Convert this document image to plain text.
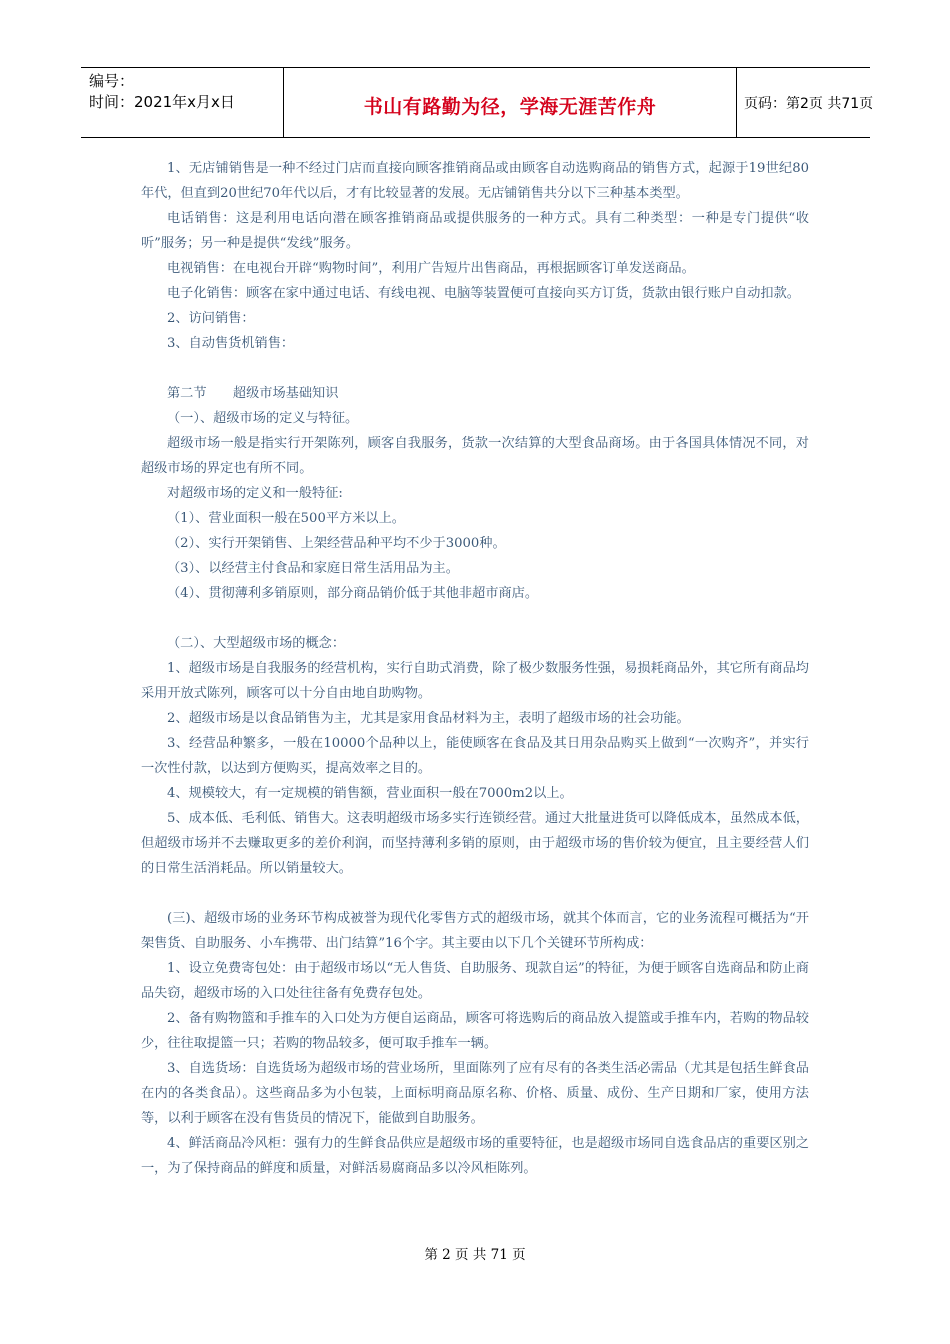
编号：
时间：2021年x月x日	书山有路勤为径，学海无涯苦作舟	页码：第2页 共71页

1、无店铺销售是一种不经过门店而直接向顾客推销商品或由顾客自动选购商品的销售方式，起源于19世纪80年代，但直到20世纪70年代以后，才有比较显著的发展。无店铺销售共分以下三种基本类型。

电话销售：这是利用电话向潜在顾客推销商品或提供服务的一种方式。具有二种类型：一种是专门提供“收听”服务；另一种是提供“发线”服务。

电视销售：在电视台开辟“购物时间”，利用广告短片出售商品，再根据顾客订单发送商品。

电子化销售：顾客在家中通过电话、有线电视、电脑等装置便可直接向买方订货，货款由银行账户自动扣款。

2、访问销售：

3、自动售货机销售：

第二节　　超级市场基础知识

（一）、超级市场的定义与特征。

超级市场一般是指实行开架陈列，顾客自我服务，货款一次结算的大型食品商场。由于各国具体情况不同，对超级市场的界定也有所不同。

对超级市场的定义和一般特征:

（1）、营业面积一般在500平方米以上。

（2）、实行开架销售、上架经营品种平均不少于3000种。

（3）、以经营主付食品和家庭日常生活用品为主。

（4）、贯彻薄利多销原则，部分商品销价低于其他非超市商店。

（二）、大型超级市场的概念：

1、超级市场是自我服务的经营机构，实行自助式消费，除了极少数服务性强，易损耗商品外，其它所有商品均采用开放式陈列，顾客可以十分自由地自助购物。

2、超级市场是以食品销售为主，尤其是家用食品材料为主，表明了超级市场的社会功能。

3、经营品种繁多，一般在10000个品种以上，能使顾客在食品及其日用杂品购买上做到“一次购齐”，并实行一次性付款，以达到方便购买，提高效率之目的。

4、规模较大，有一定规模的销售额，营业面积一般在7000m2以上。

5、成本低、毛利低、销售大。这表明超级市场多实行连锁经营。通过大批量进货可以降低成本，虽然成本低，但超级市场并不去赚取更多的差价利润，而坚持薄利多销的原则，由于超级市场的售价较为便宜，且主要经营人们的日常生活消耗品。所以销量较大。

(三)、超级市场的业务环节构成被誉为现代化零售方式的超级市场，就其个体而言，它的业务流程可概括为“开架售货、自助服务、小车携带、出门结算”16个字。其主要由以下几个关键环节所构成：

1、设立免费寄包处：由于超级市场以“无人售货、自助服务、现款自运”的特征，为便于顾客自选商品和防止商品失窃，超级市场的入口处往往备有免费存包处。

2、备有购物篮和手推车的入口处为方便自运商品，顾客可将选购后的商品放入提篮或手推车内，若购的物品较少，往往取提篮一只；若购的物品较多，便可取手推车一辆。

3、自选货场：自选货场为超级市场的营业场所，里面陈列了应有尽有的各类生活必需品（尤其是包括生鲜食品在内的各类食品）。这些商品多为小包装，上面标明商品原名称、价格、质量、成份、生产日期和厂家，使用方法等，以利于顾客在没有售货员的情况下，能做到自助服务。

4、鲜活商品冷风柜：强有力的生鲜食品供应是超级市场的重要特征，也是超级市场同自选食品店的重要区别之一，为了保持商品的鲜度和质量，对鲜活易腐商品多以冷风柜陈列。

第 2 页 共 71 页
